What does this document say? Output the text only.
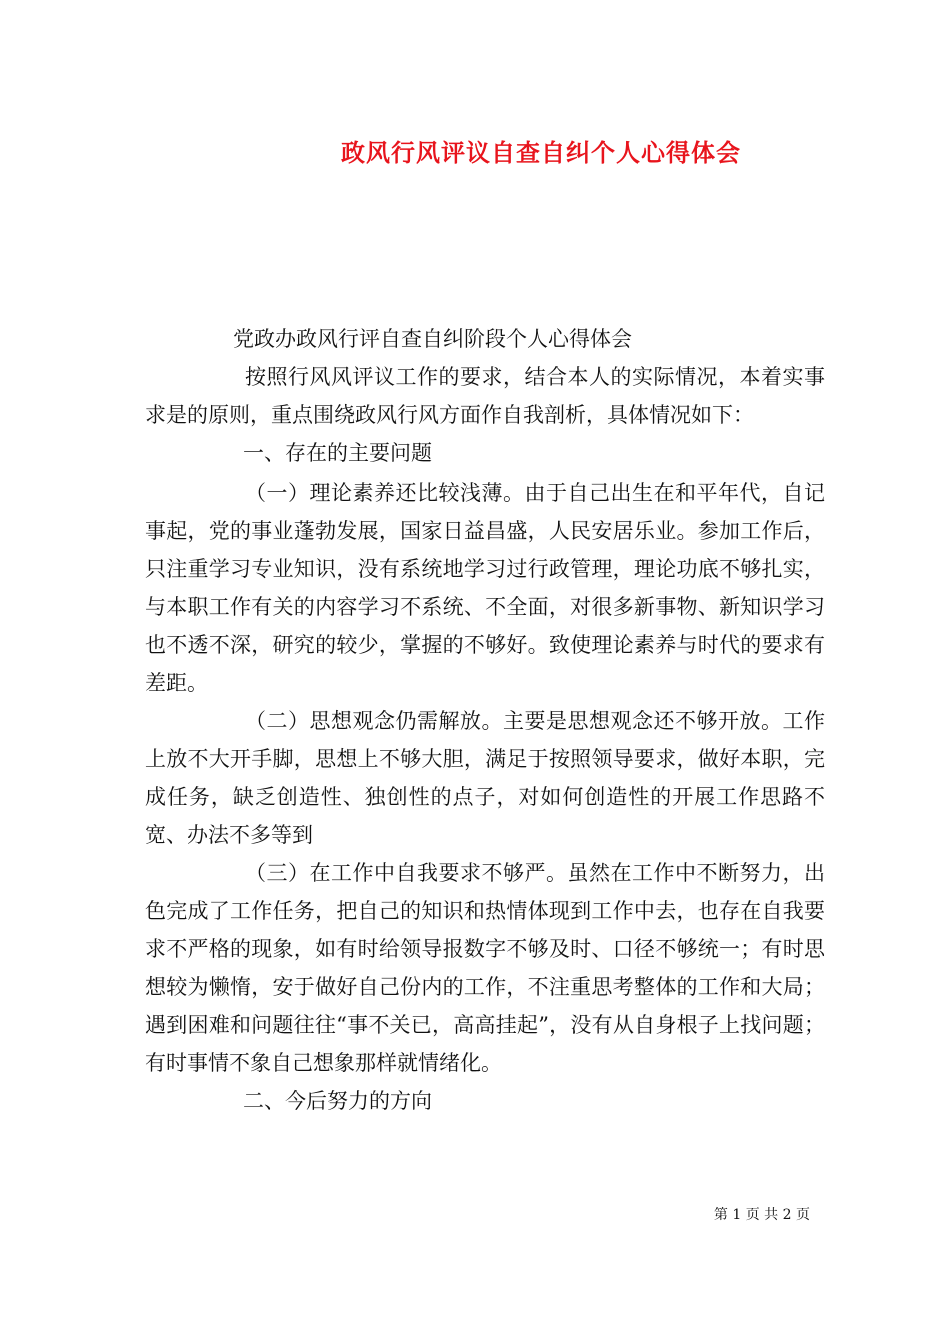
政风行风评议自查自纠个人心得体会

党政办政风行评自查自纠阶段个人心得体会

按照行风风评议工作的要求，结合本人的实际情况，本着实事求是的原则，重点围绕政风行风方面作自我剖析，具体情况如下：

一、存在的主要问题

（一）理论素养还比较浅薄。由于自己出生在和平年代，自记事起，党的事业蓬勃发展，国家日益昌盛，人民安居乐业。参加工作后，只注重学习专业知识，没有系统地学习过行政管理，理论功底不够扎实，与本职工作有关的内容学习不系统、不全面，对很多新事物、新知识学习也不透不深，研究的较少，掌握的不够好。致使理论素养与时代的要求有差距。

（二）思想观念仍需解放。主要是思想观念还不够开放。工作上放不大开手脚，思想上不够大胆，满足于按照领导要求，做好本职，完成任务，缺乏创造性、独创性的点子，对如何创造性的开展工作思路不宽、办法不多等到

（三）在工作中自我要求不够严。虽然在工作中不断努力，出色完成了工作任务，把自己的知识和热情体现到工作中去，也存在自我要求不严格的现象，如有时给领导报数字不够及时、口径不够统一；有时思想较为懒惰，安于做好自己份内的工作，不注重思考整体的工作和大局；遇到困难和问题往往“事不关已，高高挂起”，没有从自身根子上找问题；有时事情不象自己想象那样就情绪化。

二、今后努力的方向

第 1 页 共 2 页
